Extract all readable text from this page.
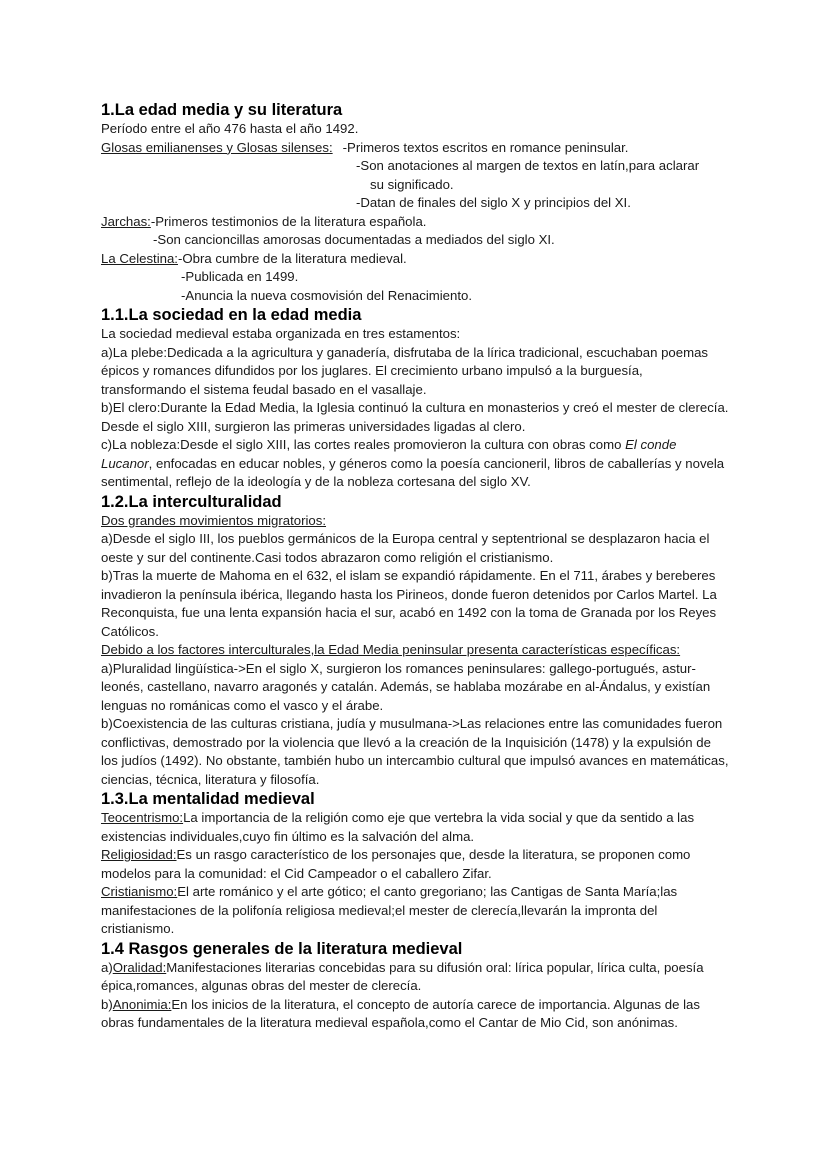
1.La edad media y su literatura

Período entre el año 476 hasta el año 1492.

Glosas emilianenses y Glosas silenses: -Primeros textos escritos en romance peninsular.

-Son anotaciones al margen de textos en latín,para aclarar

su significado.

-Datan de finales del siglo X y principios del XI.

Jarchas: -Primeros testimonios de la literatura española.

-Son cancioncillas amorosas documentadas a mediados del siglo XI.

La Celestina: -Obra cumbre de la literatura medieval.

-Publicada en 1499.

-Anuncia la nueva cosmovisión del Renacimiento.

1.1.La sociedad en la edad media

La sociedad medieval estaba organizada en tres estamentos:

a)La plebe:Dedicada a la agricultura y ganadería, disfrutaba de la lírica tradicional, escuchaban poemas épicos y romances difundidos por los juglares. El crecimiento urbano impulsó a la burguesía, transformando el sistema feudal basado en el vasallaje.

b)El clero:Durante la Edad Media, la Iglesia continuó la cultura en monasterios y creó el mester de clerecía. Desde el siglo XIII, surgieron las primeras universidades ligadas al clero.

c)La nobleza:Desde el siglo XIII, las cortes reales promovieron la cultura con obras como El conde Lucanor, enfocadas en educar nobles, y géneros como la poesía cancioneril, libros de caballerías y novela sentimental, reflejo de la ideología y de la nobleza cortesana del siglo XV.

1.2.La interculturalidad

Dos grandes movimientos migratorios:

a)Desde el siglo III, los pueblos germánicos de la Europa central y septentrional se desplazaron hacia el oeste y sur del continente.Casi todos abrazaron como religión el cristianismo.

b)Tras la muerte de Mahoma en el 632, el islam se expandió rápidamente. En el 711, árabes y bereberes invadieron la península ibérica, llegando hasta los Pirineos, donde fueron detenidos por Carlos Martel. La Reconquista, fue una lenta expansión hacia el sur, acabó en 1492 con la toma de Granada por los Reyes Católicos.

Debido a los factores interculturales,la Edad Media peninsular presenta características específicas:

a)Pluralidad lingüística->En el siglo X, surgieron los romances peninsulares: gallego-portugués, astur-leonés, castellano, navarro aragonés y catalán. Además, se hablaba mozárabe en al-Ándalus, y existían lenguas no románicas como el vasco y el árabe.

b)Coexistencia de las culturas cristiana, judía y musulmana->Las relaciones entre las comunidades fueron conflictivas, demostrado por la violencia que llevó a la creación de la Inquisición (1478) y la expulsión de los judíos (1492). No obstante, también hubo un intercambio cultural que impulsó avances en matemáticas, ciencias, técnica, literatura y filosofía.

1.3.La mentalidad medieval

Teocentrismo:La importancia de la religión como eje que vertebra la vida social y que da sentido a las existencias individuales,cuyo fin último es la salvación del alma.

Religiosidad:Es un rasgo característico de los personajes que, desde la literatura, se proponen como modelos para la comunidad: el Cid Campeador o el caballero Zifar.

Cristianismo:El arte románico y el arte gótico; el canto gregoriano; las Cantigas de Santa María;las manifestaciones de la polifonía religiosa medieval;el mester de clerecía,llevarán la impronta del cristianismo.

1.4 Rasgos generales de la literatura medieval

a)Oralidad:Manifestaciones literarias concebidas para su difusión oral: lírica popular, lírica culta, poesía épica,romances, algunas obras del mester de clerecía.

b)Anonimia:En los inicios de la literatura, el concepto de autoría carece de importancia. Algunas de las obras fundamentales de la literatura medieval española,como el Cantar de Mio Cid, son anónimas.
